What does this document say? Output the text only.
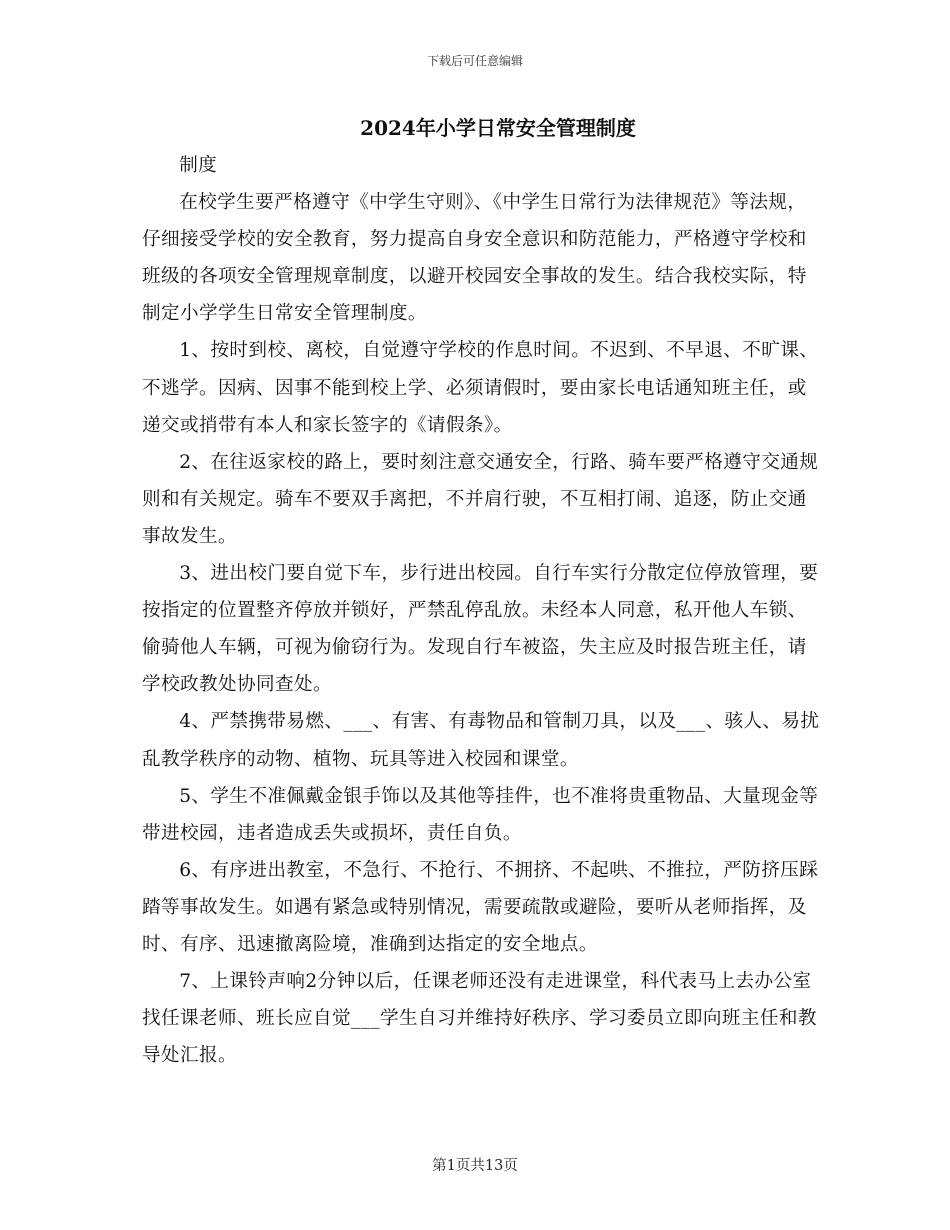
下载后可任意编辑
2024年小学日常安全管理制度

制度

在校学生要严格遵守《中学生守则》、《中学生日常行为法律规范》等法规，仔细接受学校的安全教育，努力提高自身安全意识和防范能力，严格遵守学校和班级的各项安全管理规章制度，以避开校园安全事故的发生。结合我校实际，特制定小学学生日常安全管理制度。

1、按时到校、离校，自觉遵守学校的作息时间。不迟到、不早退、不旷课、不逃学。因病、因事不能到校上学、必须请假时，要由家长电话通知班主任，或递交或捎带有本人和家长签字的《请假条》。

2、在往返家校的路上，要时刻注意交通安全，行路、骑车要严格遵守交通规则和有关规定。骑车不要双手离把，不并肩行驶，不互相打闹、追逐，防止交通事故发生。

3、进出校门要自觉下车，步行进出校园。自行车实行分散定位停放管理，要按指定的位置整齐停放并锁好，严禁乱停乱放。未经本人同意，私开他人车锁、偷骑他人车辆，可视为偷窃行为。发现自行车被盗，失主应及时报告班主任，请学校政教处协同查处。

4、严禁携带易燃、___、有害、有毒物品和管制刀具，以及___、骇人、易扰乱教学秩序的动物、植物、玩具等进入校园和课堂。

5、学生不准佩戴金银手饰以及其他等挂件，也不准将贵重物品、大量现金等带进校园，违者造成丢失或损坏，责任自负。

6、有序进出教室，不急行、不抢行、不拥挤、不起哄、不推拉，严防挤压踩踏等事故发生。如遇有紧急或特别情况，需要疏散或避险，要听从老师指挥，及时、有序、迅速撤离险境，准确到达指定的安全地点。

7、上课铃声响2分钟以后，任课老师还没有走进课堂，科代表马上去办公室找任课老师、班长应自觉___学生自习并维持好秩序、学习委员立即向班主任和教导处汇报。

第1页共13页
